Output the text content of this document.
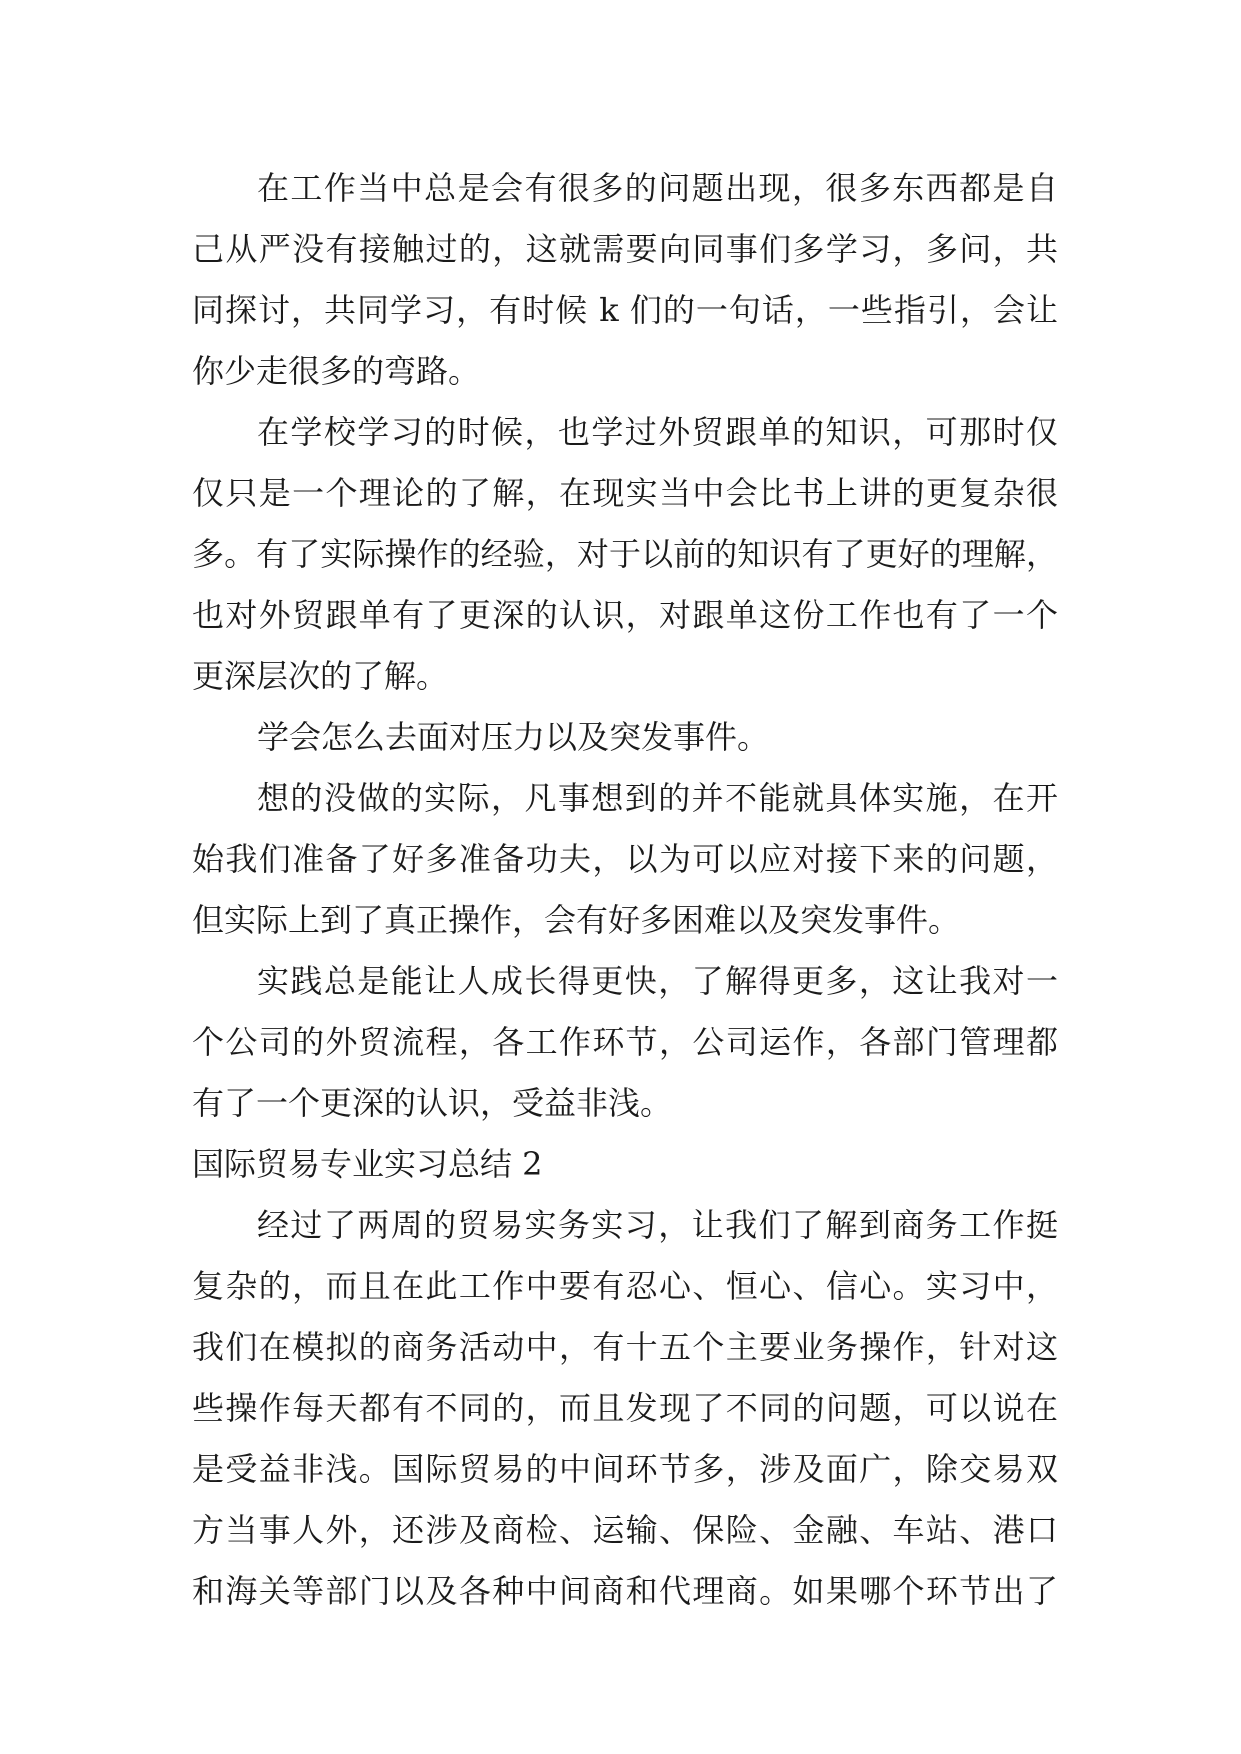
在工作当中总是会有很多的问题出现，很多东西都是自
己从严没有接触过的，这就需要向同事们多学习，多问，共
同探讨，共同学习，有时候 k 们的一句话，一些指引，会让
你少走很多的弯路。
在学校学习的时候，也学过外贸跟单的知识，可那时仅
仅只是一个理论的了解，在现实当中会比书上讲的更复杂很
多。有了实际操作的经验，对于以前的知识有了更好的理解，
也对外贸跟单有了更深的认识，对跟单这份工作也有了一个
更深层次的了解。
学会怎么去面对压力以及突发事件。
想的没做的实际，凡事想到的并不能就具体实施，在开
始我们准备了好多准备功夫，以为可以应对接下来的问题，
但实际上到了真正操作，会有好多困难以及突发事件。
实践总是能让人成长得更快，了解得更多，这让我对一
个公司的外贸流程，各工作环节，公司运作，各部门管理都
有了一个更深的认识，受益非浅。
国际贸易专业实习总结 2
经过了两周的贸易实务实习，让我们了解到商务工作挺
复杂的，而且在此工作中要有忍心、恒心、信心。实习中，
我们在模拟的商务活动中，有十五个主要业务操作，针对这
些操作每天都有不同的，而且发现了不同的问题，可以说在
是受益非浅。国际贸易的中间环节多，涉及面广，除交易双
方当事人外，还涉及商检、运输、保险、金融、车站、港口
和海关等部门以及各种中间商和代理商。如果哪个环节出了
